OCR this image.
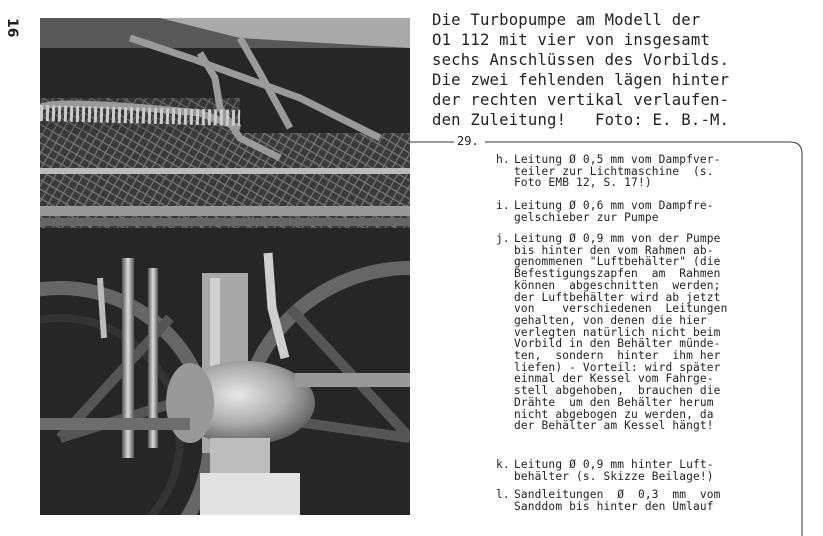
16	Die Turbopumpe am Modell der
O1 112 mit vier von insgesamt
sechs Anschlüssen des Vorbilds.
Die zwei fehlenden lägen hinter
der rechten vertikal verlaufen-
den Zuleitung!   Foto: E. B.-M.
29.
h. Leitung Ø 0,5 mm vom Dampfver-
teiler zur Lichtmaschine  (s.
Foto EMB 12, S. 17!)
i. Leitung Ø 0,6 mm vom Dampfre-
gelschieber zur Pumpe
j. Leitung Ø 0,9 mm von der Pumpe
bis hinter den vom Rahmen ab-
genommenen "Luftbehälter" (die
Befestigungszapfen  am  Rahmen
können  abgeschnitten  werden;
der Luftbehälter wird ab jetzt
von    verschiedenen  Leitungen
gehalten, von denen die hier
verlegten natürlich nicht beim
Vorbild in den Behälter münde-
ten,  sondern  hinter  ihm her
liefen) - Vorteil: wird später
einmal der Kessel vom Fahrge-
stell abgehoben,  brauchen die
Drähte  um den Behälter herum
nicht abgebogen zu werden, da
der Behälter am Kessel hängt!
k. Leitung Ø 0,9 mm hinter Luft-
behälter (s. Skizze Beilage!)
l. Sandleitungen  Ø  0,3  mm  vom
Sanddom bis hinter den Umlauf
